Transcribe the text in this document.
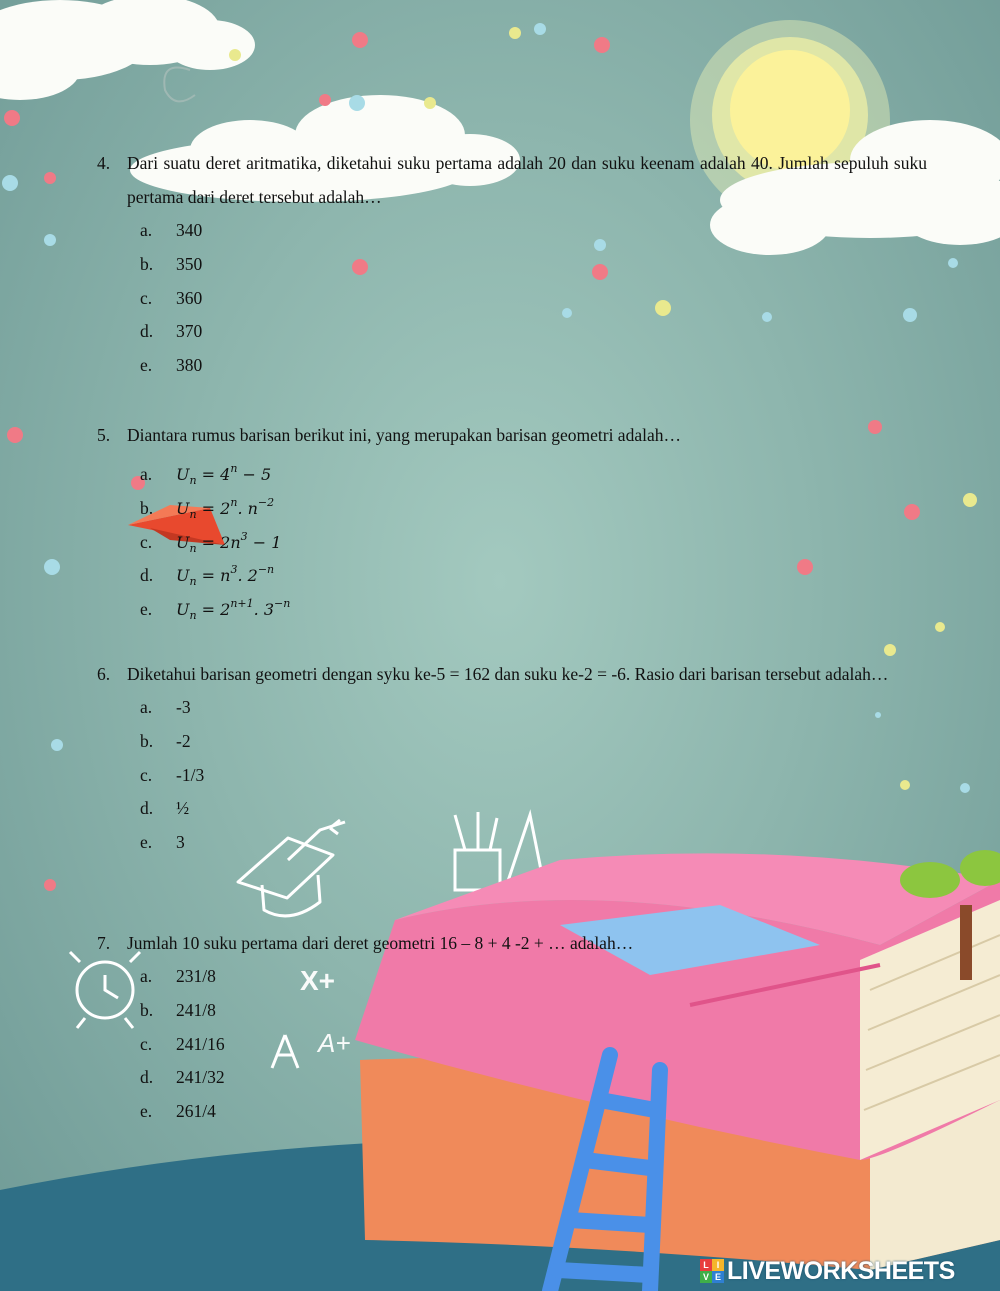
A+
X+
4. Dari suatu deret aritmatika, diketahui suku pertama adalah 20 dan suku keenam adalah 40. Jumlah sepuluh suku pertama dari deret tersebut adalah…
a. 340
b. 350
c. 360
d. 370
e. 380
5. Diantara rumus barisan berikut ini, yang merupakan barisan geometri adalah…
a. $U_n = 4^n - 5$
b. $U_n = 2^n$. $n^{-2}$
c. $U_n = 2n^3 - 1$
d. $U_n = n^3$. $2^{-n}$
e. $U_n = 2^{n+1}$. $3^{-n}$
6. Diketahui barisan geometri dengan syku ke-5 = 162 dan suku ke-2 = -6. Rasio dari barisan tersebut adalah…
a. -3
b. -2
c. -1/3
d. ½
e. 3
7. Jumlah 10 suku pertama dari deret geometri 16 – 8 + 4 -2 + … adalah…
a. 231/8
b. 241/8
c. 241/16
d. 241/32
e. 261/4
L I
V E LIVEWORKSHEETS
